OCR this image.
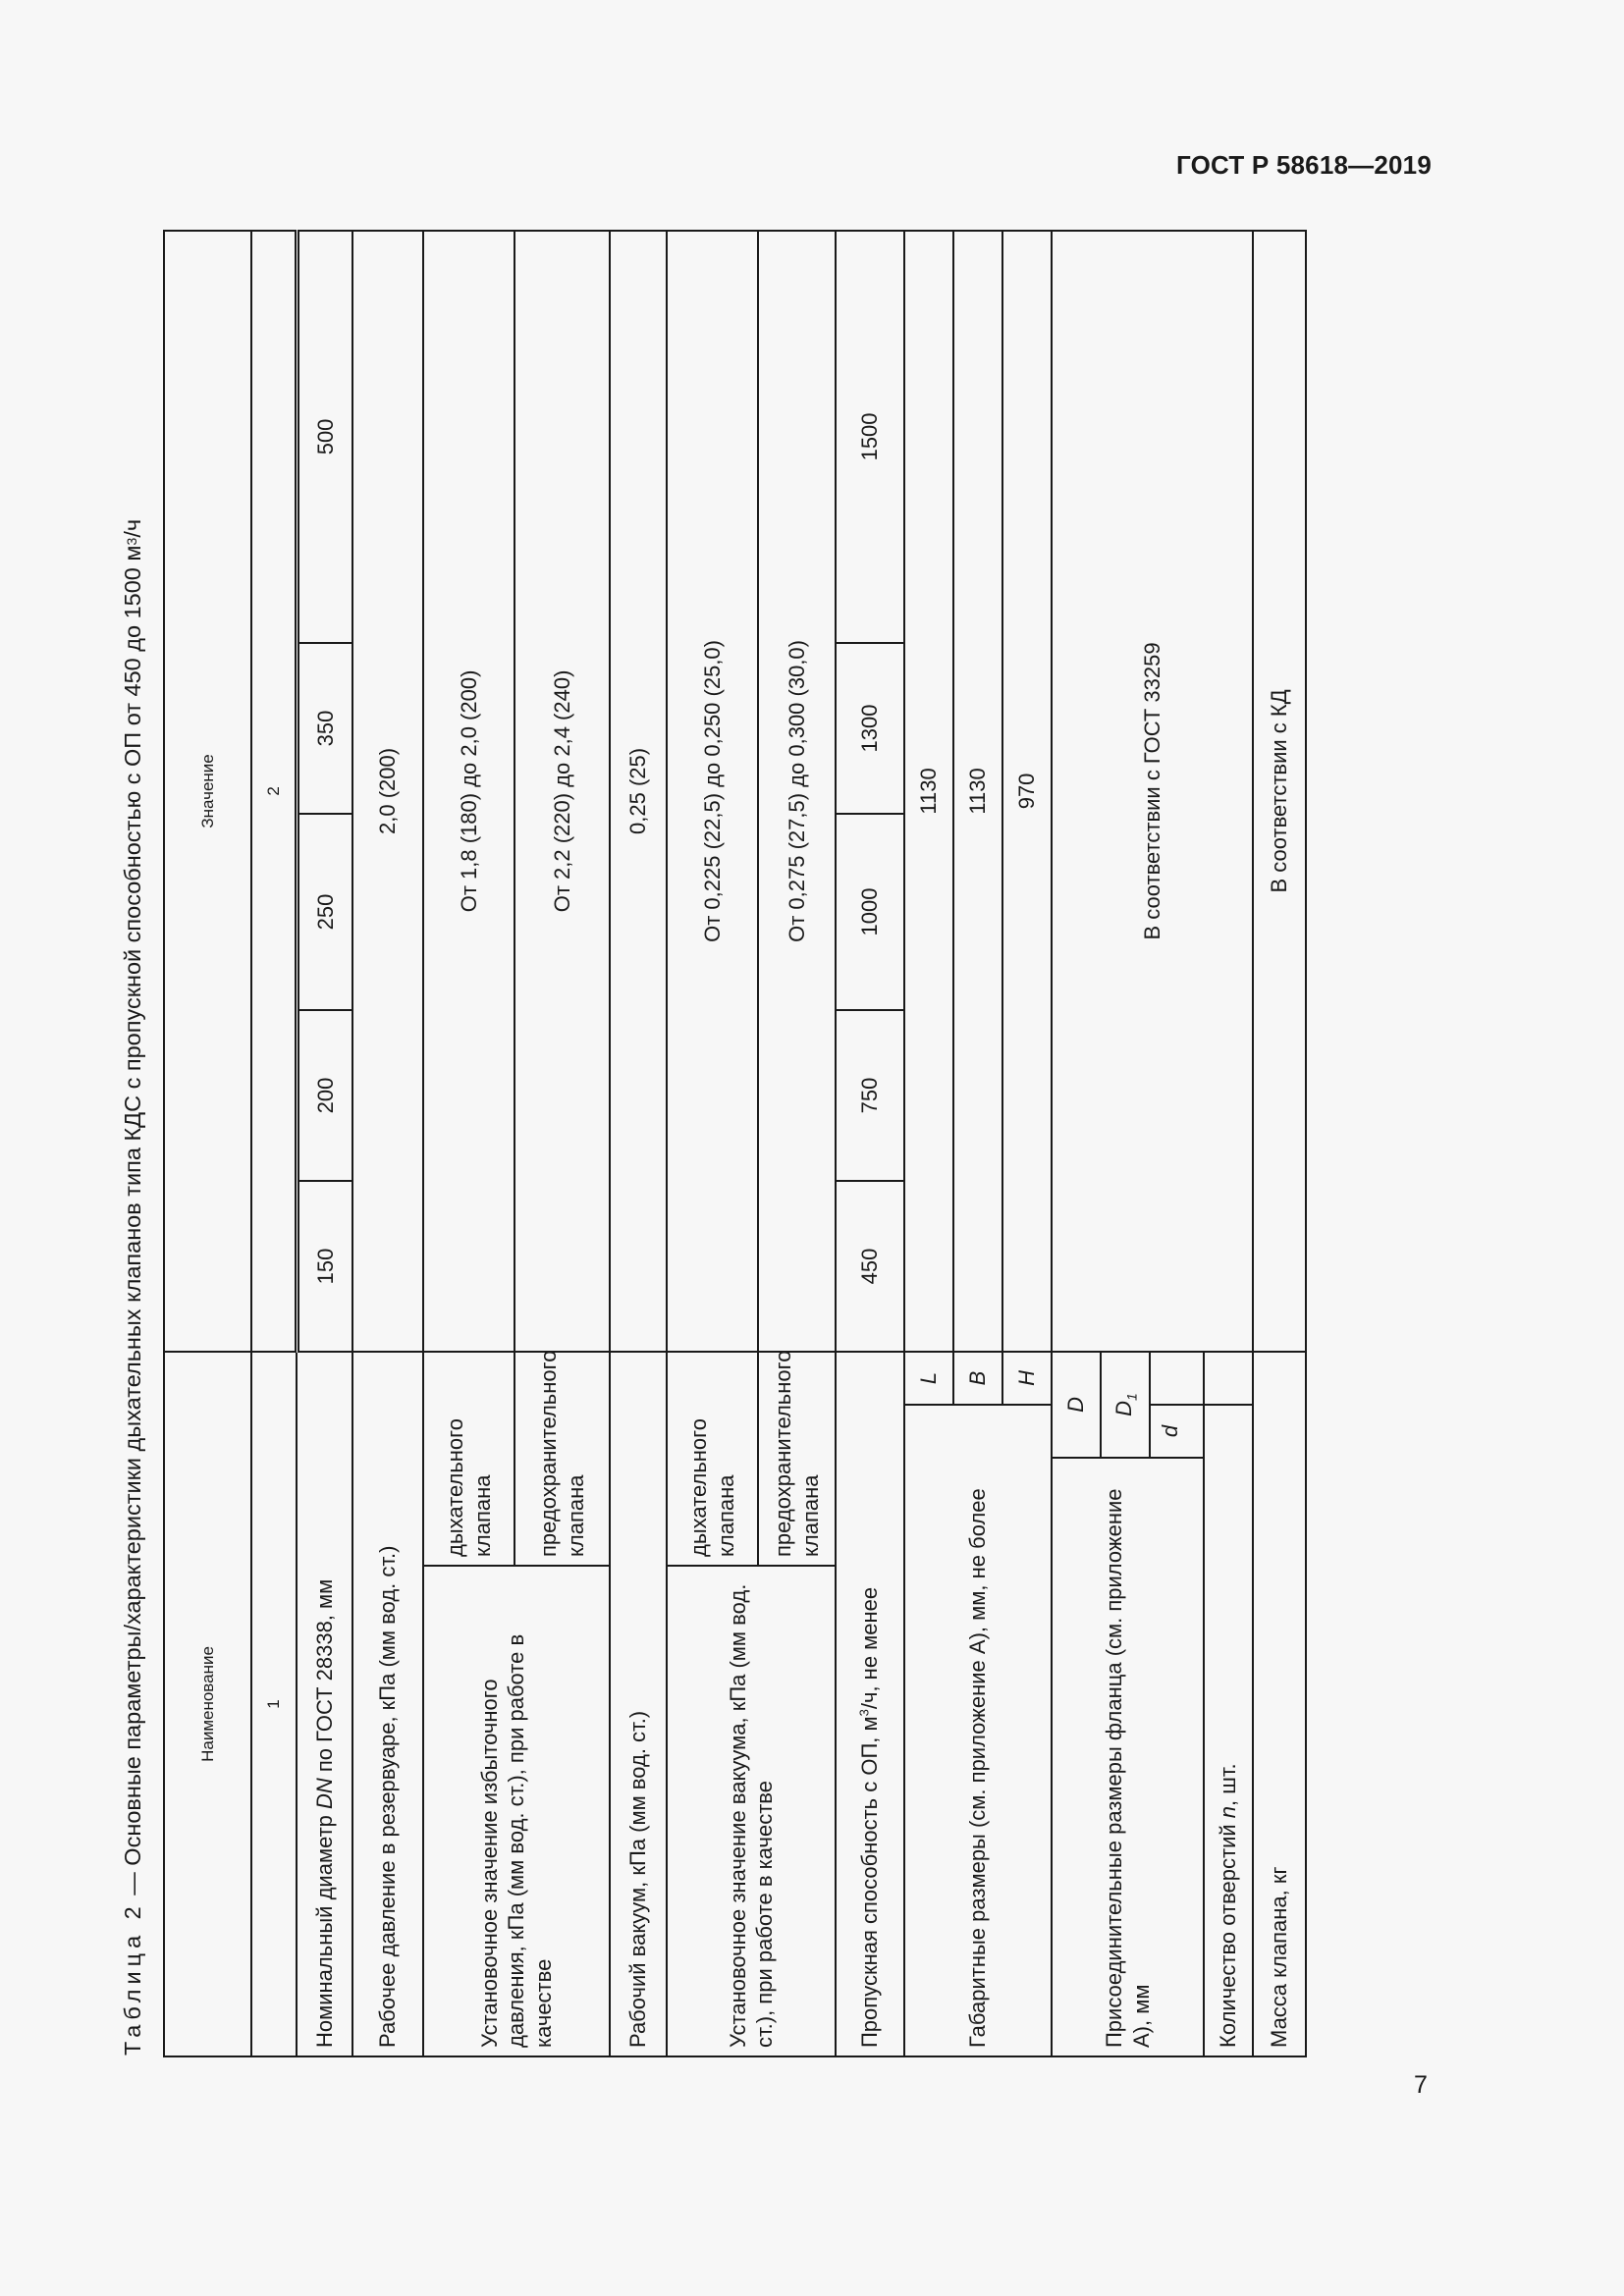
ГОСТ Р 58618—2019
Таблица 2 — Основные параметры/характеристики дыхательных клапанов типа КДС с пропускной способностью с ОП от 450 до 1500 $м^3/ч$
Наименование				Значение				
1				2				
Номинальный диаметр DN по ГОСТ 28338, мм				150	200	250	350	500
Рабочее давление в резервуаре, кПа (мм вод. ст.)				2,0 (200)				
Установочное значение избыточного давления, кПа (мм вод. ст.), при работе в качестве	дыхательного клапана			От 1,8 (180) до 2,0 (200)				
	предохранительного клапана			От 2,2 (220) до 2,4 (240)				
Рабочий вакуум, кПа (мм вод. ст.)				0,25 (25)				
Установочное значение вакуума, кПа (мм вод. ст.), при работе в качестве	дыхательного клапана			От 0,225 (22,5) до 0,250 (25,0)				
	предохранительного клапана			От 0,275 (27,5) до 0,300 (30,0)				
Пропускная способность с ОП, $м^3/ч$, не менее				450	750	1000	1300	1500
Габаритные размеры (см. приложение А), мм, не более			L	1130				
			B	1130				
			H	970				
Присоединительные размеры фланца (см. приложение А), мм		D		В соответствии с ГОСТ 33259				
		$D_1$
		d						
Количество отверстий n, шт.								
Масса клапана, кг				В соответствии с КД				
7
